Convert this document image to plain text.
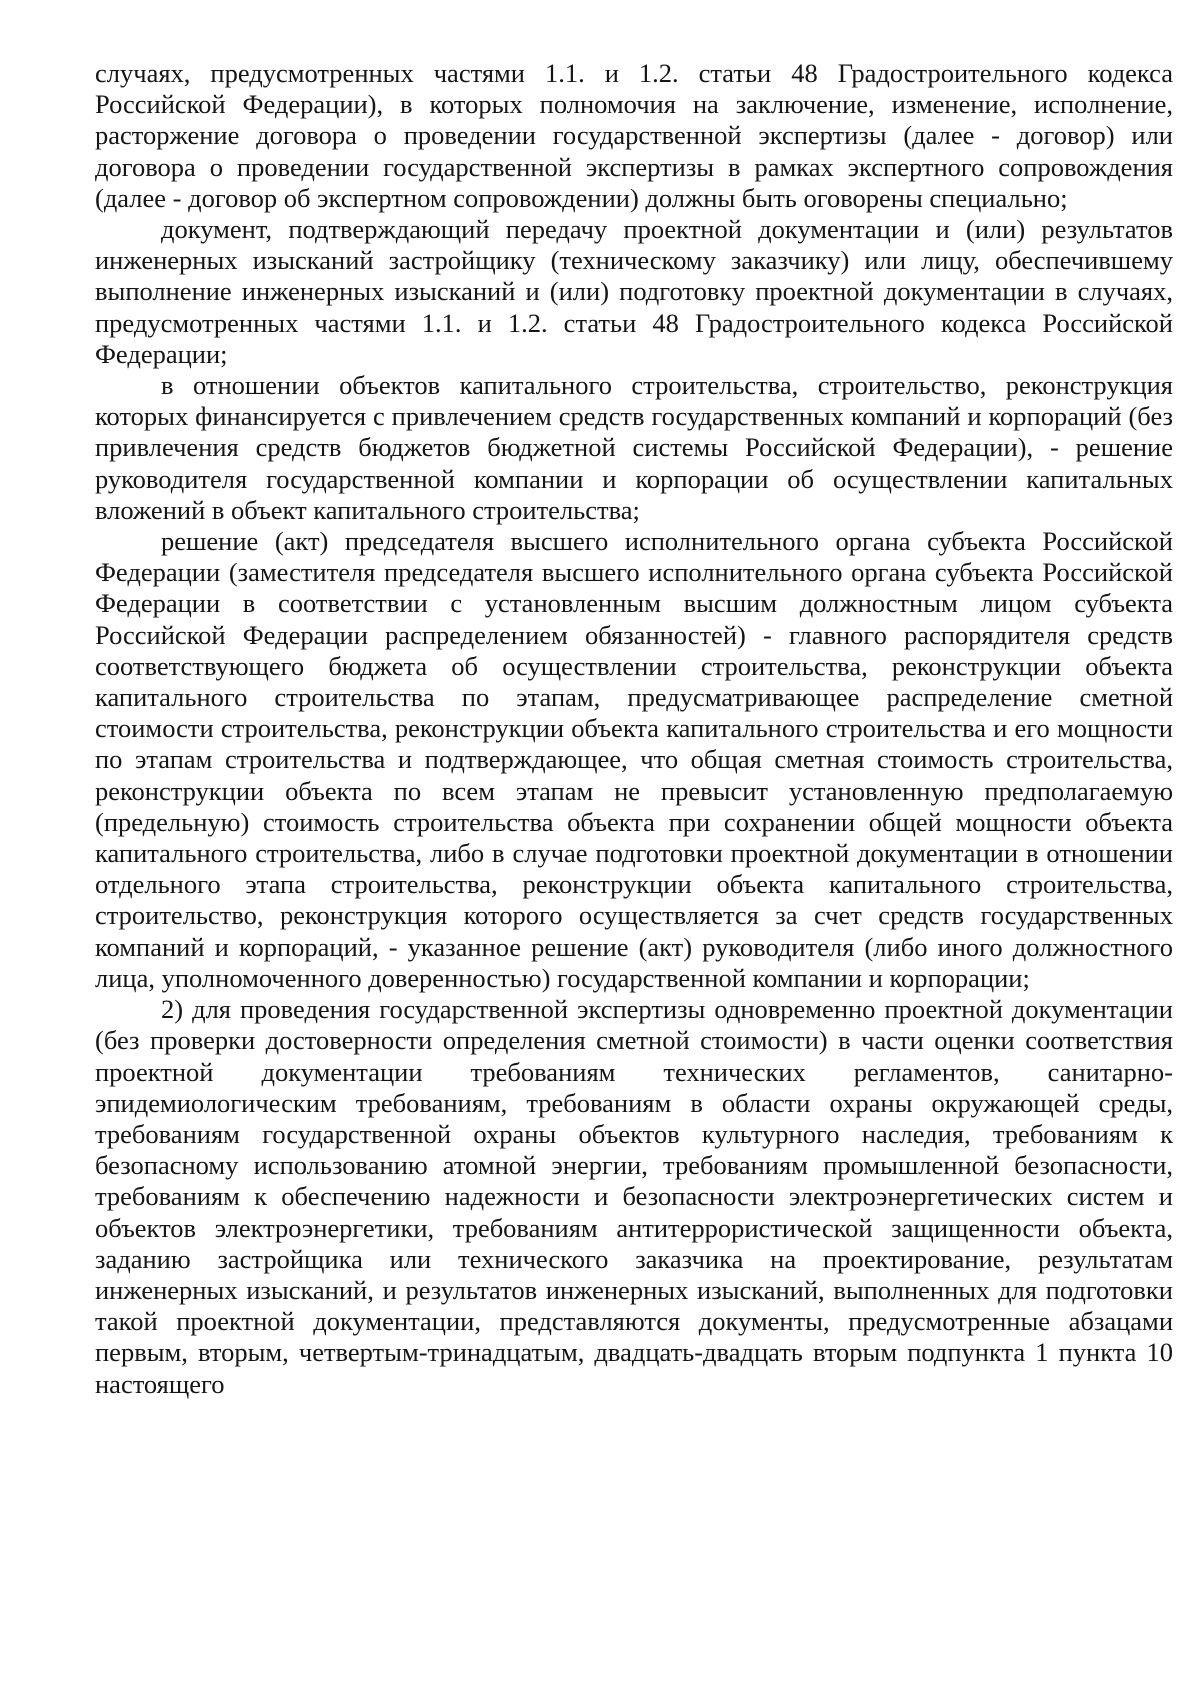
случаях, предусмотренных частями 1.1. и 1.2. статьи 48 Градостроительного кодекса Российской Федерации), в которых полномочия на заключение, изменение, исполнение, расторжение договора о проведении государственной экспертизы (далее - договор) или договора о проведении государственной экспертизы в рамках экспертного сопровождения (далее - договор об экспертном сопровождении) должны быть оговорены специально;

документ, подтверждающий передачу проектной документации и (или) результатов инженерных изысканий застройщику (техническому заказчику) или лицу, обеспечившему выполнение инженерных изысканий и (или) подготовку проектной документации в случаях, предусмотренных частями 1.1. и 1.2. статьи 48 Градостроительного кодекса Российской Федерации;

в отношении объектов капитального строительства, строительство, реконструкция которых финансируется с привлечением средств государственных компаний и корпораций (без привлечения средств бюджетов бюджетной системы Российской Федерации), - решение руководителя государственной компании и корпорации об осуществлении капитальных вложений в объект капитального строительства;

решение (акт) председателя высшего исполнительного органа субъекта Российской Федерации (заместителя председателя высшего исполнительного органа субъекта Российской Федерации в соответствии с установленным высшим должностным лицом субъекта Российской Федерации распределением обязанностей) - главного распорядителя средств соответствующего бюджета об осуществлении строительства, реконструкции объекта капитального строительства по этапам, предусматривающее распределение сметной стоимости строительства, реконструкции объекта капитального строительства и его мощности по этапам строительства и подтверждающее, что общая сметная стоимость строительства, реконструкции объекта по всем этапам не превысит установленную предполагаемую (предельную) стоимость строительства объекта при сохранении общей мощности объекта капитального строительства, либо в случае подготовки проектной документации в отношении отдельного этапа строительства, реконструкции объекта капитального строительства, строительство, реконструкция которого осуществляется за счет средств государственных компаний и корпораций, - указанное решение (акт) руководителя (либо иного должностного лица, уполномоченного доверенностью) государственной компании и корпорации;

2) для проведения государственной экспертизы одновременно проектной документации (без проверки достоверности определения сметной стоимости) в части оценки соответствия проектной документации требованиям технических регламентов, санитарно-эпидемиологическим требованиям, требованиям в области охраны окружающей среды, требованиям государственной охраны объектов культурного наследия, требованиям к безопасному использованию атомной энергии, требованиям промышленной безопасности, требованиям к обеспечению надежности и безопасности электроэнергетических систем и объектов электроэнергетики, требованиям антитеррористической защищенности объекта, заданию застройщика или технического заказчика на проектирование, результатам инженерных изысканий, и результатов инженерных изысканий, выполненных для подготовки такой проектной документации, представляются документы, предусмотренные абзацами первым, вторым, четвертым-тринадцатым, двадцать-двадцать вторым подпункта 1 пункта 10 настоящего
